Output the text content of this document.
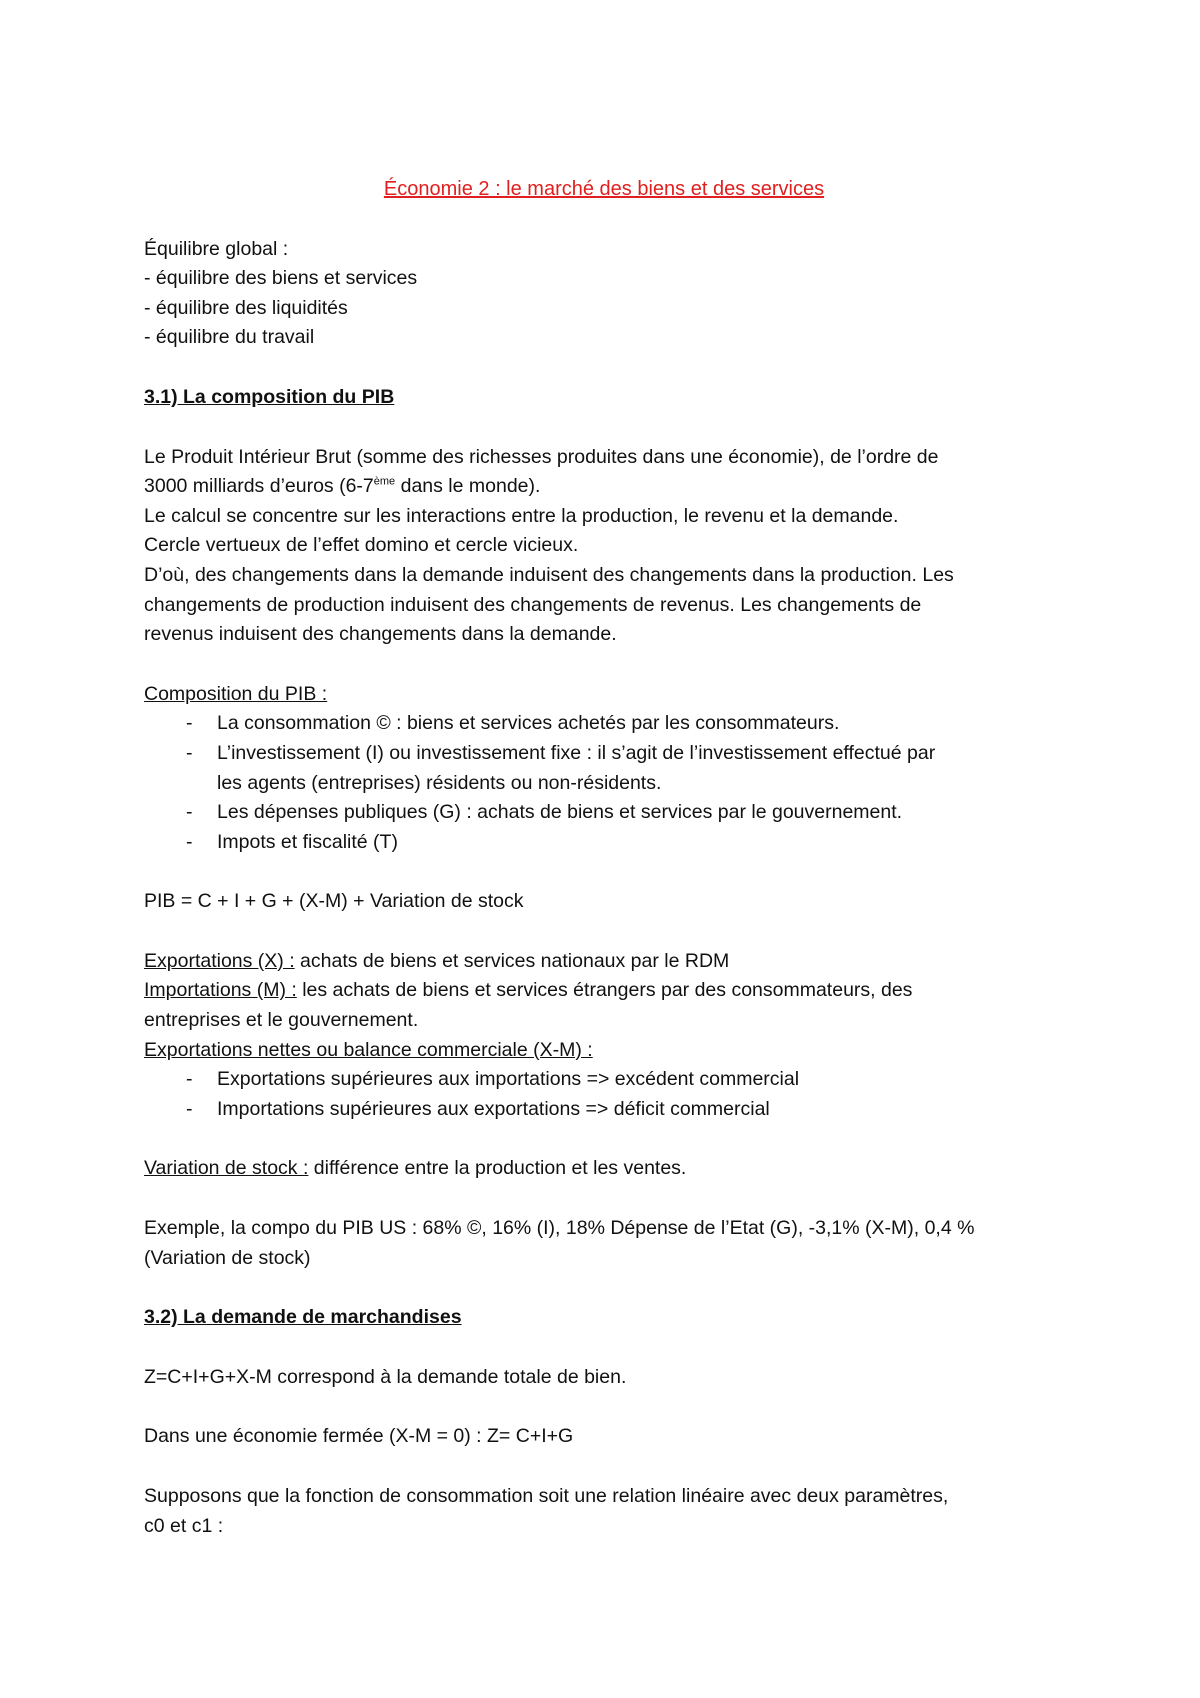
Économie 2 : le marché des biens et des services
Équilibre global :
- équilibre des biens et services
- équilibre des liquidités
- équilibre du travail
3.1) La composition du PIB
Le Produit Intérieur Brut (somme des richesses produites dans une économie), de l’ordre de
3000 milliards d’euros (6-7ème dans le monde).
Le calcul se concentre sur les interactions entre la production, le revenu et la demande.
Cercle vertueux de l’effet domino et cercle vicieux.
D’où, des changements dans la demande induisent des changements dans la production. Les
changements de production induisent des changements de revenus. Les changements de
revenus induisent des changements dans la demande.
Composition du PIB :
- La consommation © : biens et services achetés par les consommateurs.
- L’investissement (I) ou investissement fixe : il s’agit de l’investissement effectué par
les agents (entreprises) résidents ou non-résidents.
- Les dépenses publiques (G) : achats de biens et services par le gouvernement.
- Impots et fiscalité (T)
PIB = C + I + G + (X-M) + Variation de stock
Exportations (X) : achats de biens et services nationaux par le RDM
Importations (M) : les achats de biens et services étrangers par des consommateurs, des
entreprises et le gouvernement.
Exportations nettes ou balance commerciale (X-M) :
- Exportations supérieures aux importations => excédent commercial
- Importations supérieures aux exportations => déficit commercial
Variation de stock : différence entre la production et les ventes.
Exemple, la compo du PIB US : 68% ©, 16% (I), 18% Dépense de l’Etat (G), -3,1% (X-M), 0,4 %
(Variation de stock)
3.2) La demande de marchandises
Z=C+I+G+X-M correspond à la demande totale de bien.
Dans une économie fermée (X-M = 0) : Z= C+I+G
Supposons que la fonction de consommation soit une relation linéaire avec deux paramètres,
c0 et c1 :
